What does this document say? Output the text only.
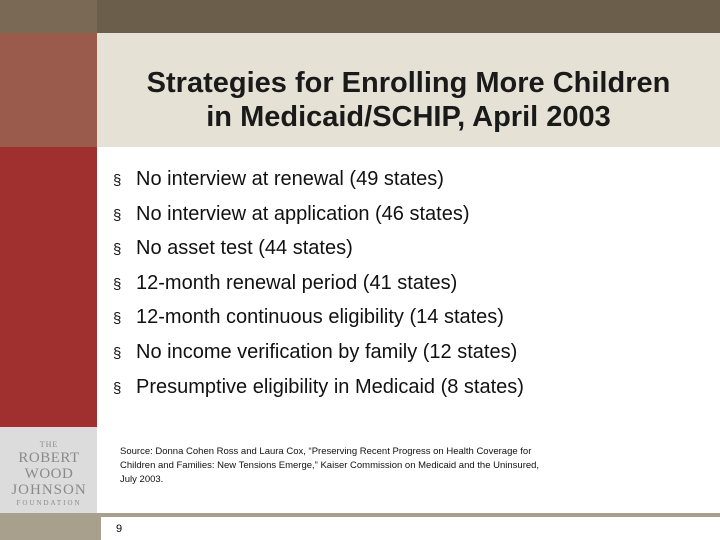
THE
ROBERT WOOD
JOHNSON
FOUNDATION
Strategies for Enrolling More Children
in Medicaid/SCHIP, April 2003
§ No interview at renewal (49 states)
§ No interview at application (46 states)
§ No asset test (44 states)
§ 12-month renewal period (41 states)
§ 12-month continuous eligibility (14 states)
§ No income verification by family (12 states)
§ Presumptive eligibility in Medicaid (8 states)
Source: Donna Cohen Ross and Laura Cox, “Preserving Recent Progress on Health Coverage for
Children and Families: New Tensions Emerge,” Kaiser Commission on Medicaid and the Uninsured,
July 2003.
9
